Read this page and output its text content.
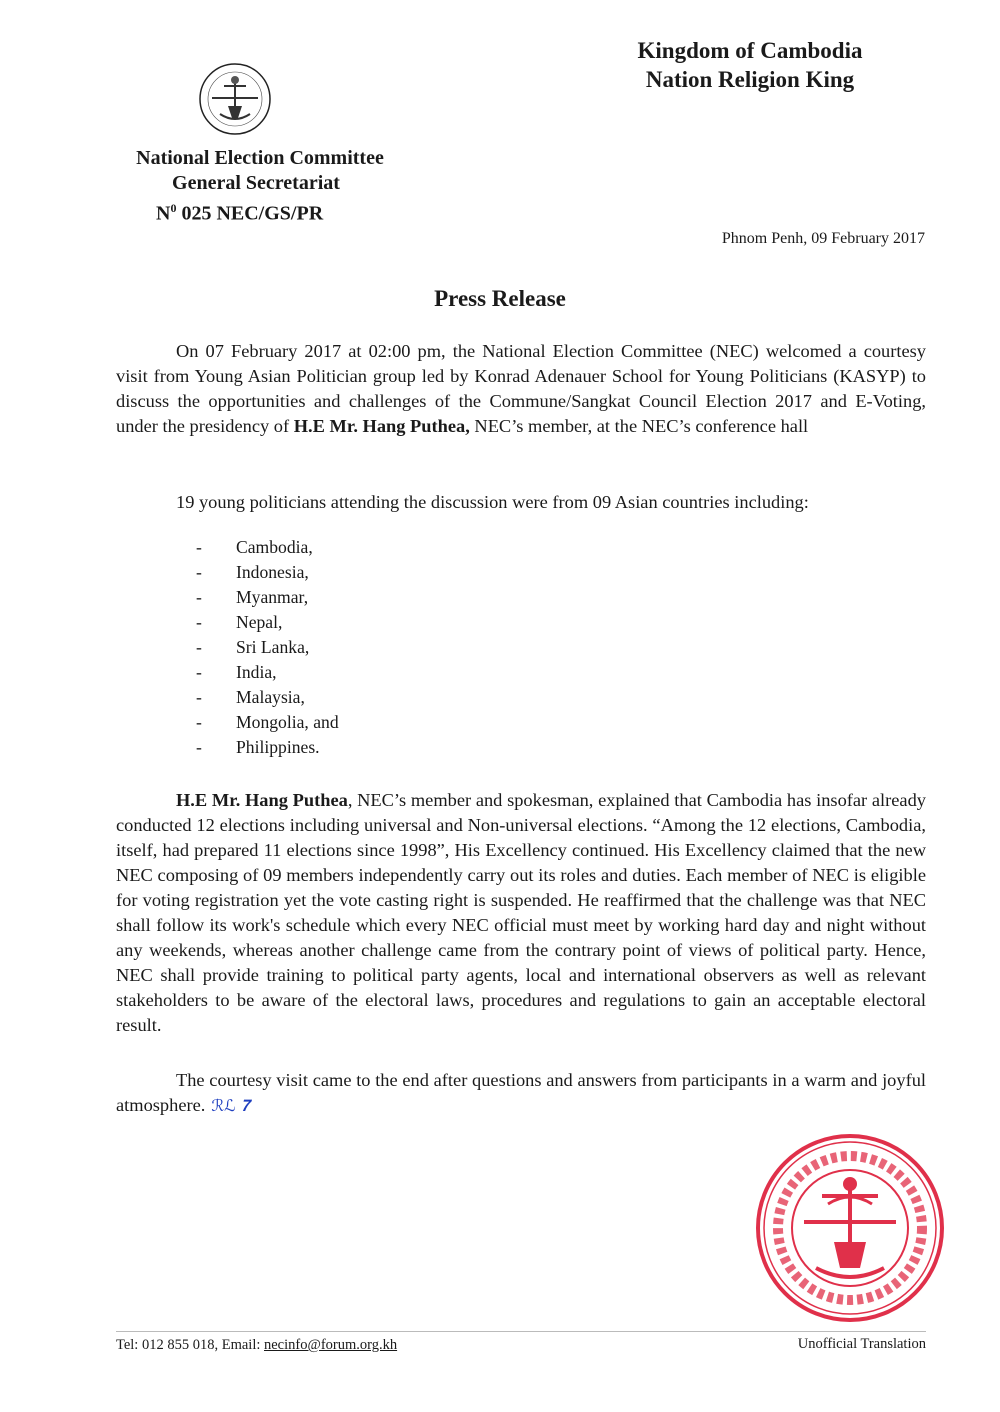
National Election Committee
General Secretariat
$N^0$ 025 NEC/GS/PR
Kingdom of Cambodia
Nation Religion King
Phnom Penh, 09 February 2017
Press Release
On 07 February 2017 at 02:00 pm, the National Election Committee (NEC) welcomed a courtesy visit from Young Asian Politician group led by Konrad Adenauer School for Young Politicians (KASYP) to discuss the opportunities and challenges of the Commune/Sangkat Council Election 2017 and E-Voting, under the presidency of H.E Mr. Hang Puthea, NEC’s member, at the NEC’s conference hall
19 young politicians attending the discussion were from 09 Asian countries including:
-	Cambodia,
-	Indonesia,
-	Myanmar,
-	Nepal,
-	Sri Lanka,
-	India,
-	Malaysia,
-	Mongolia, and
-	Philippines.
H.E Mr. Hang Puthea, NEC’s member and spokesman, explained that Cambodia has insofar already conducted 12 elections including universal and Non-universal elections. “Among the 12 elections, Cambodia, itself, had prepared 11 elections since 1998”, His Excellency continued. His Excellency claimed that the new NEC composing of 09 members independently carry out its roles and duties. Each member of NEC is eligible for voting registration yet the vote casting right is suspended. He reaffirmed that the challenge was that NEC shall follow its work's schedule which every NEC official must meet by working hard day and night without any weekends, whereas another challenge came from the contrary point of views of political party. Hence, NEC shall provide training to political party agents, local and international observers as well as relevant stakeholders to be aware of the electoral laws, procedures and regulations to gain an acceptable electoral result.
The courtesy visit came to the end after questions and answers from participants in a warm and joyful atmosphere. ℛℒ 𝟕
Tel: 012 855 018, Email: necinfo@forum.org.kh	Unofficial Translation
